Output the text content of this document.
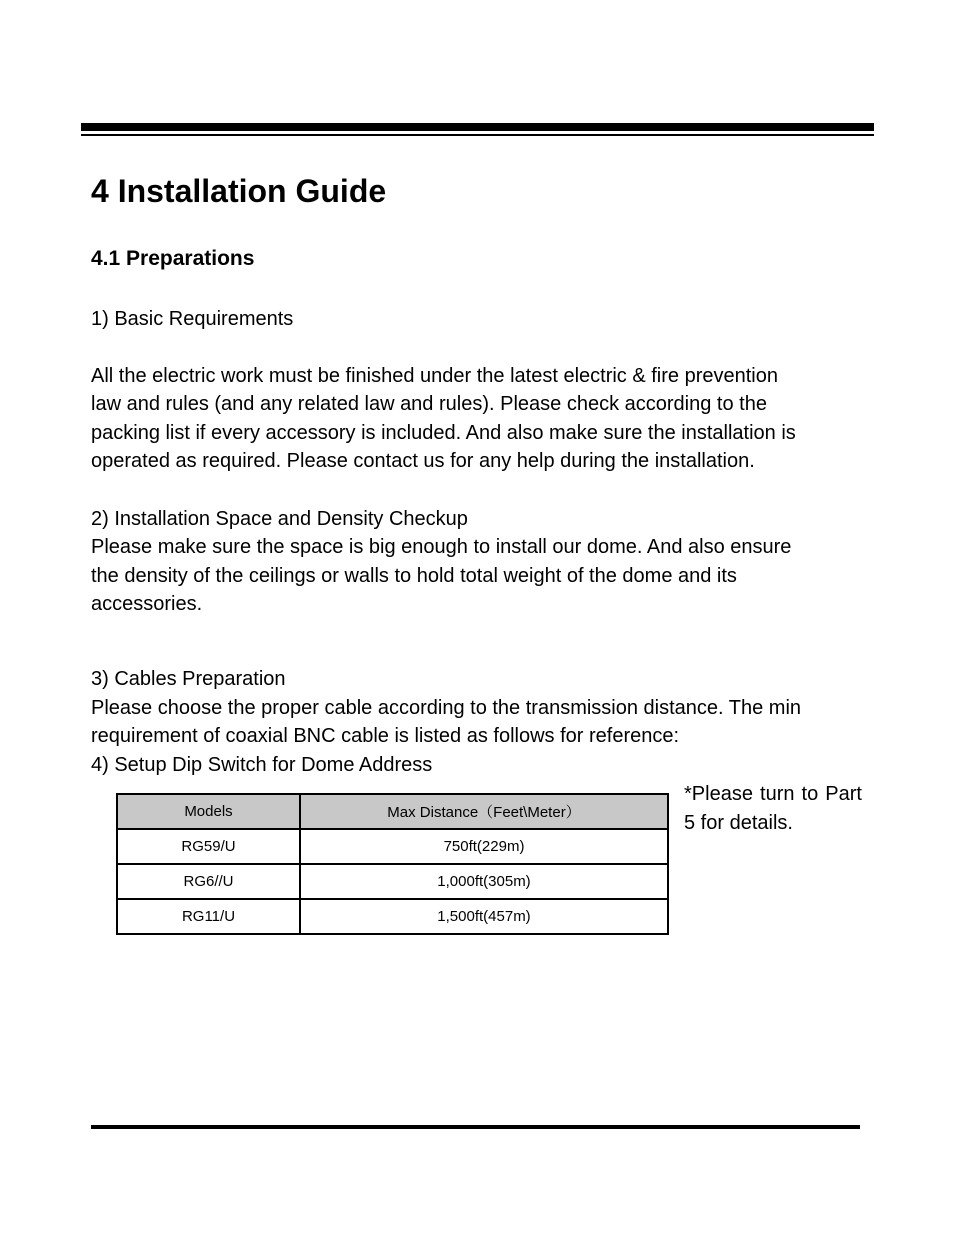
4 Installation Guide
4.1 Preparations

1) Basic Requirements

All the electric work must be finished under the latest electric & fire prevention

law and rules (and any related law and rules). Please check according to the

packing list if every accessory is included. And also make sure the installation is

operated as required. Please contact us for any help during the installation.

2) Installation Space and Density Checkup

Please make sure the space is big enough to install our dome. And also ensure

the density of the ceilings or walls to hold total weight of the dome and its

accessories.

3) Cables Preparation

Please choose the proper cable according to the transmission distance. The min

requirement of coaxial BNC cable is listed as follows for reference:

4) Setup Dip Switch for Dome Address

Models	Max Distance（Feet\Meter）
RG59/U	750ft(229m)
RG6//U	1,000ft(305m)
RG11/U	1,500ft(457m)

*Please turn to Part 5 for details.
